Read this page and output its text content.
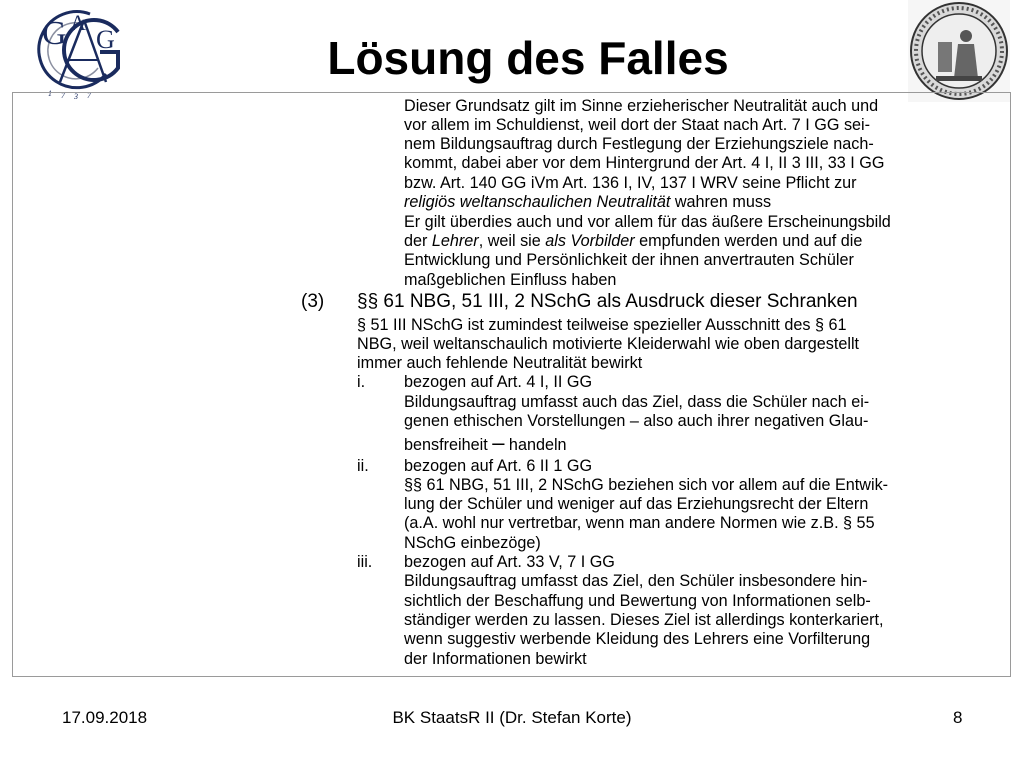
G A
G
1 7 3 7
Lösung des Falles
Dieser Grundsatz gilt im Sinne erzieherischer Neutralität auch und
vor allem im Schuldienst, weil dort der Staat nach Art. 7 I GG sei-
nem Bildungsauftrag durch Festlegung der Erziehungsziele nach-
kommt, dabei aber vor dem Hintergrund der Art. 4 I, II 3 III, 33 I GG
bzw. Art. 140 GG iVm Art. 136 I, IV, 137 I WRV seine Pflicht zur
religiös weltanschaulichen Neutralität wahren muss
Er gilt überdies auch und vor allem für das äußere Erscheinungsbild
der Lehrer, weil sie als Vorbilder empfunden werden und auf die
Entwicklung und Persönlichkeit der ihnen anvertrauten Schüler
maßgeblichen Einfluss haben
§§ 61 NBG, 51 III, 2 NSchG als Ausdruck dieser Schranken
§ 51 III NSchG ist zumindest teilweise spezieller Ausschnitt des § 61
NBG, weil weltanschaulich motivierte Kleiderwahl wie oben dargestellt
immer auch fehlende Neutralität bewirkt
bezogen auf Art. 4 I, II GG
Bildungsauftrag umfasst auch das Ziel, dass die Schüler nach ei-
genen ethischen Vorstellungen – also auch ihrer negativen Glau-
bensfreiheit – handeln
bezogen auf Art. 6 II 1 GG
§§ 61 NBG, 51 III, 2 NSchG beziehen sich vor allem auf die Entwik-
lung der Schüler und weniger auf das Erziehungsrecht der Eltern
(a.A. wohl nur vertretbar, wenn man andere Normen wie z.B. § 55
NSchG einbezöge)
bezogen auf Art. 33 V, 7 I GG
Bildungsauftrag umfasst das Ziel, den Schüler insbesondere hin-
sichtlich der Beschaffung und Bewertung von Informationen selb-
ständiger werden zu lassen. Dieses Ziel ist allerdings konterkariert,
wenn suggestiv werbende Kleidung des Lehrers eine Vorfilterung
der Informationen bewirkt
(3)
i.
ii.
iii.
17.09.2018	BK StaatsR II (Dr. Stefan Korte)	8
